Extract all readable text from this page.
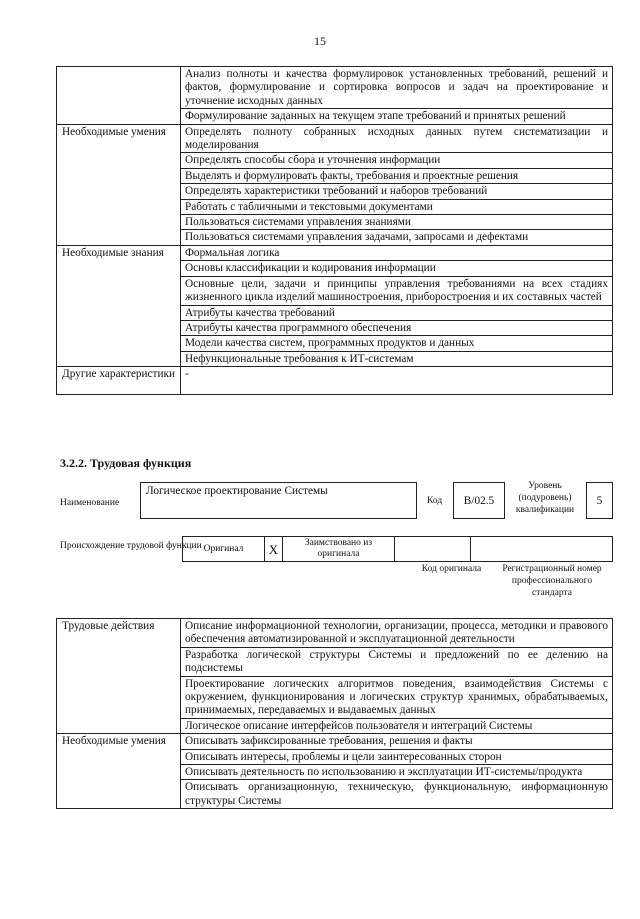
15
	Анализ полноты и качества формулировок установленных требований, решений и фактов, формулирование и сортировка вопросов и задач на проектирование и уточнение исходных данных
	Формулирование заданных на текущем этапе требований и принятых решений
Необходимые умения	Определять полноту собранных исходных данных путем систематизации и моделирования
	Определять способы сбора и уточнения информации
	Выделять и формулировать факты, требования и проектные решения
	Определять характеристики требований и наборов требований
	Работать с табличными и текстовыми документами
	Пользоваться системами управления знаниями
	Пользоваться системами управления задачами, запросами и дефектами
Необходимые знания	Формальная логика
	Основы классификации и кодирования информации
	Основные цели, задачи и принципы управления требованиями на всех стадиях жизненного цикла изделий машиностроения, приборостроения и их составных частей
	Атрибуты качества требований
	Атрибуты качества программного обеспечения
	Модели качества систем, программных продуктов и данных
	Нефункциональные требования к ИТ-системам
Другие характеристики	-
3.2.2. Трудовая функция
Наименование
Логическое проектирование Системы
Код	B/02.5
Уровень (подуровень) квалификации
5
Происхождение трудовой функции Оригинал	X	Заимствовано из оригинала		
Код оригинала	Регистрационный номер профессионального стандарта
Трудовые действия	Описание информационной технологии, организации, процесса, методики и правового обеспечения автоматизированной и эксплуатационной деятельности
	Разработка логической структуры Системы и предложений по ее делению на подсистемы
	Проектирование логических алгоритмов поведения, взаимодействия Системы с окружением, функционирования и логических структур хранимых, обрабатываемых, принимаемых, передаваемых и выдаваемых данных
	Логическое описание интерфейсов пользователя и интеграций Системы
Необходимые умения	Описывать зафиксированные требования, решения и факты
	Описывать интересы, проблемы и цели заинтересованных сторон
	Описывать деятельность по использованию и эксплуатации ИТ-системы/продукта
	Описывать организационную, техническую, функциональную, информационную структуры Системы
